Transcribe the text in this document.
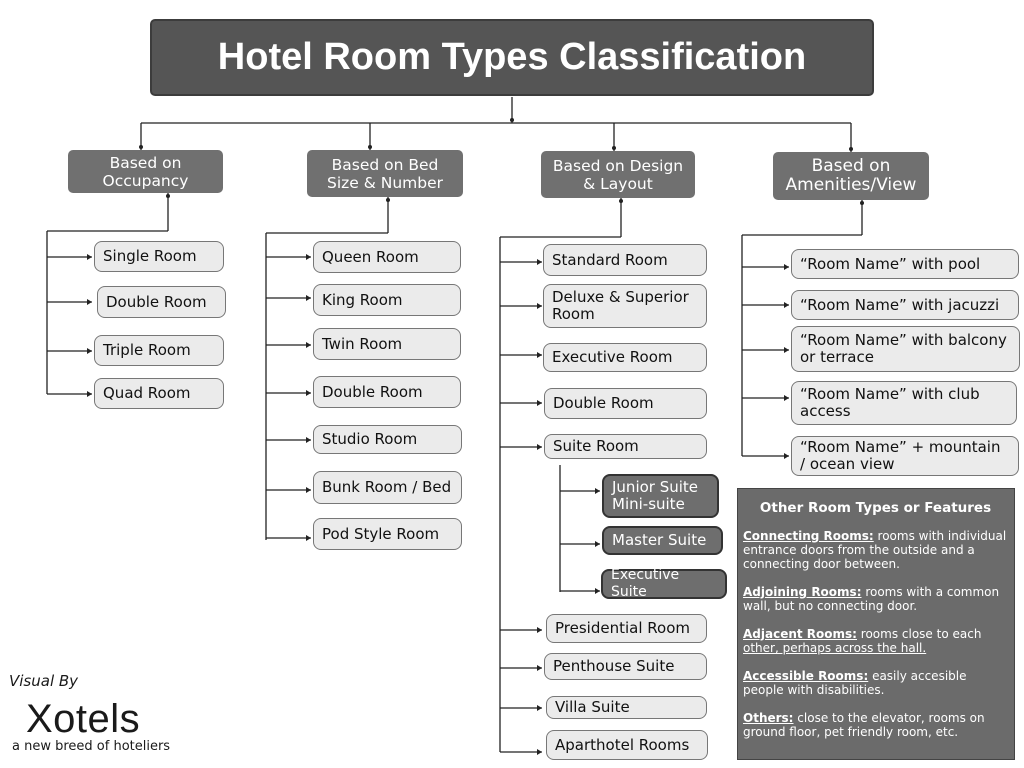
Hotel Room Types Classification
Based on
Occupancy
Based on Bed
Size & Number
Based on Design
& Layout
Based on
Amenities/View
Single Room
Double Room
Triple Room
Quad Room
Queen Room
King Room
Twin Room
Double Room
Studio Room
Bunk Room / Bed
Pod Style Room
Standard Room
Deluxe & Superior Room
Executive Room
Double Room
Suite Room
Junior Suite
Mini-suite
Master Suite
Executive Suite
Presidential Room
Penthouse Suite
Villa Suite
Aparthotel Rooms
“Room Name” with pool
“Room Name” with jacuzzi
“Room Name” with balcony or terrace
“Room Name” with club access
“Room Name” + mountain / ocean view
Other Room Types or Features

Connecting Rooms: rooms with individual entrance doors from the outside and a connecting door between.

Adjoining Rooms: rooms with a common wall, but no connecting door.

Adjacent Rooms: rooms close to each other, perhaps across the hall.

Accessible Rooms: easily accesible people with disabilities.

Others: close to the elevator, rooms on ground floor, pet friendly room, etc.

Visual By
Xotels
a new breed of hoteliers
